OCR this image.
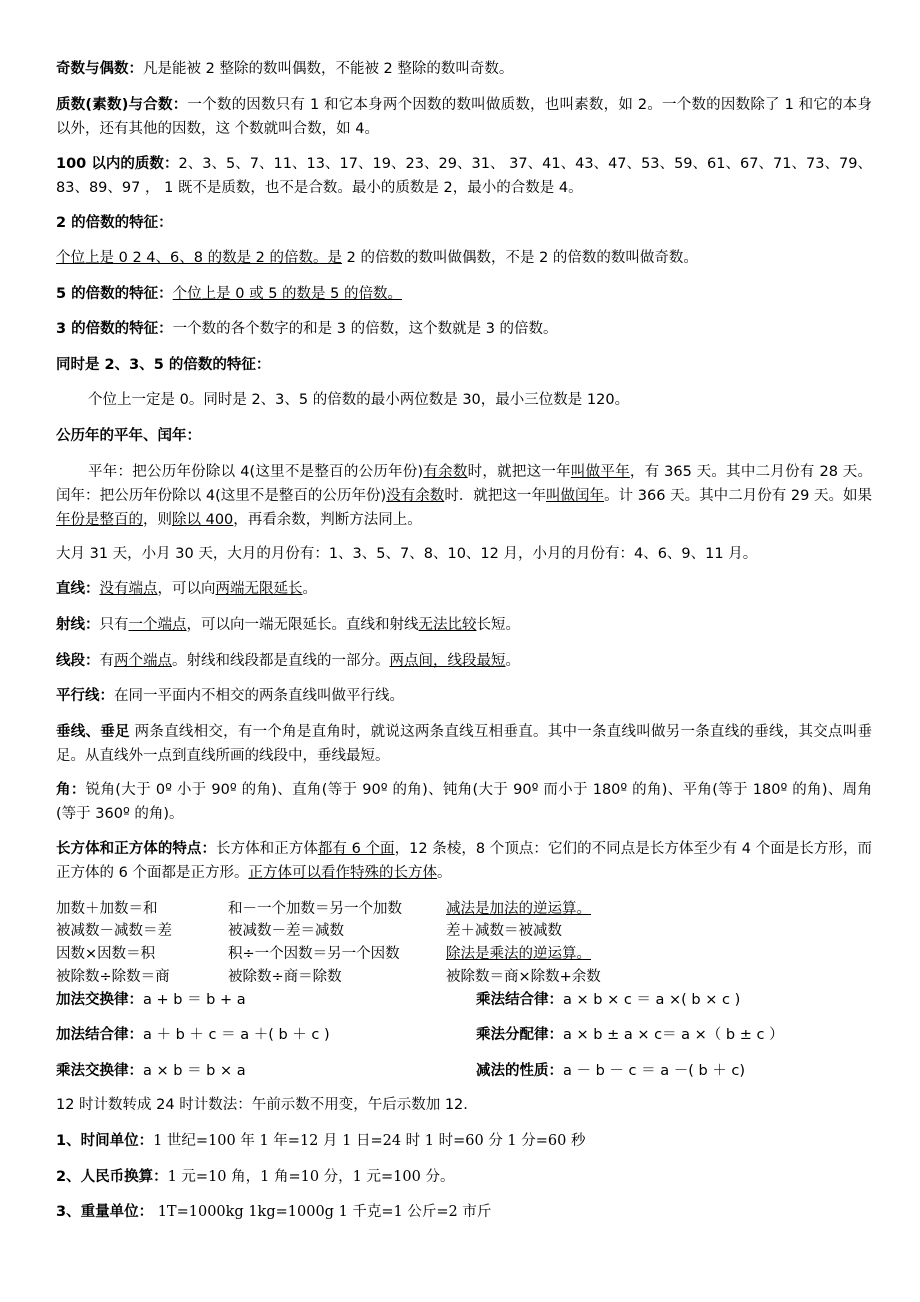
12 时计数转成 24 时计数法：午前示数不用变，午后示数加 12.

奇数与偶数：凡是能被 2 整除的数叫偶数，不能被 2 整除的数叫奇数。

质数(素数)与合数：一个数的因数只有 1 和它本身两个因数的数叫做质数，也叫素数，如 2。一个数的因数除了 1 和它的本身以外，还有其他的因数，这 个数就叫合数，如 4。

100 以内的质数：2、3、5、7、11、13、17、19、23、29、31、 37、41、43、47、53、59、61、67、71、73、79、83、89、97 ， 1 既不是质数，也不是合数。最小的质数是 2，最小的合数是 4。

2 的倍数的特征：

个位上是 0 2 4、6、8 的数是 2 的倍数。是 2 的倍数的数叫做偶数，不是 2 的倍数的数叫做奇数。

5 的倍数的特征：个位上是 0 或 5 的数是 5 的倍数。

3 的倍数的特征：一个数的各个数字的和是 3 的倍数，这个数就是 3 的倍数。

同时是 2、3、5 的倍数的特征：

个位上一定是 0。同时是 2、3、5 的倍数的最小两位数是 30，最小三位数是 120。

公历年的平年、闰年：

平年：把公历年份除以 4(这里不是整百的公历年份)有余数时，就把这一年叫做平年，有 365 天。其中二月份有 28 天。闰年：把公历年份除以 4(这里不是整百的公历年份)没有余数时．就把这一年叫做闰年。计 366 天。其中二月份有 29 天。如果年份是整百的，则除以 400，再看余数，判断方法同上。

大月 31 天，小月 30 天，大月的月份有：1、3、5、7、8、10、12 月，小月的月份有：4、6、9、11 月。

直线：没有端点，可以向两端无限延长。

射线：只有一个端点，可以向一端无限延长。直线和射线无法比较长短。

线段：有两个端点。射线和线段都是直线的一部分。两点间，线段最短。

平行线：在同一平面内不相交的两条直线叫做平行线。

垂线、垂足 两条直线相交，有一个角是直角时，就说这两条直线互相垂直。其中一条直线叫做另一条直线的垂线，其交点叫垂足。从直线外一点到直线所画的线段中，垂线最短。

角：锐角(大于 0º 小于 90º 的角)、直角(等于 90º 的角)、钝角(大于 90º 而小于 180º 的角)、平角(等于 180º 的角)、周角(等于 360º 的角)。

长方体和正方体的特点：长方体和正方体都有 6 个面，12 条棱，8 个顶点：它们的不同点是长方体至少有 4 个面是长方形，而正方体的 6 个面都是正方形。正方体可以看作特殊的长方体。

加数＋加数＝和	和－一个加数＝另一个加数	减法是加法的逆运算。
被减数－减数＝差	被减数－差＝减数	差＋减数＝被减数
因数×因数＝积	积÷一个因数＝另一个因数	除法是乘法的逆运算。
被除数÷除数＝商	被除数÷商＝除数	被除数＝商×除数+余数
加法交换律：a + b ＝ b + a	乘法结合律：a × b × c ＝ a ×( b × c )
加法结合律：a ＋ b ＋ c ＝ a ＋( b ＋ c )	乘法分配律：a × b ± a × c＝ a ×（ b ± c ）
乘法交换律：a × b ＝ b × a	减法的性质：a － b － c ＝ a －( b ＋ c)

1、时间单位：1 世纪=100 年 1 年=12 月 1 日=24 时 1 时=60 分 1 分=60 秒

2、人民币换算：1 元=10 角，1 角=10 分，1 元=100 分。

3、重量单位： 1T=1000kg 1kg=1000g 1 千克=1 公斤=2 市斤
